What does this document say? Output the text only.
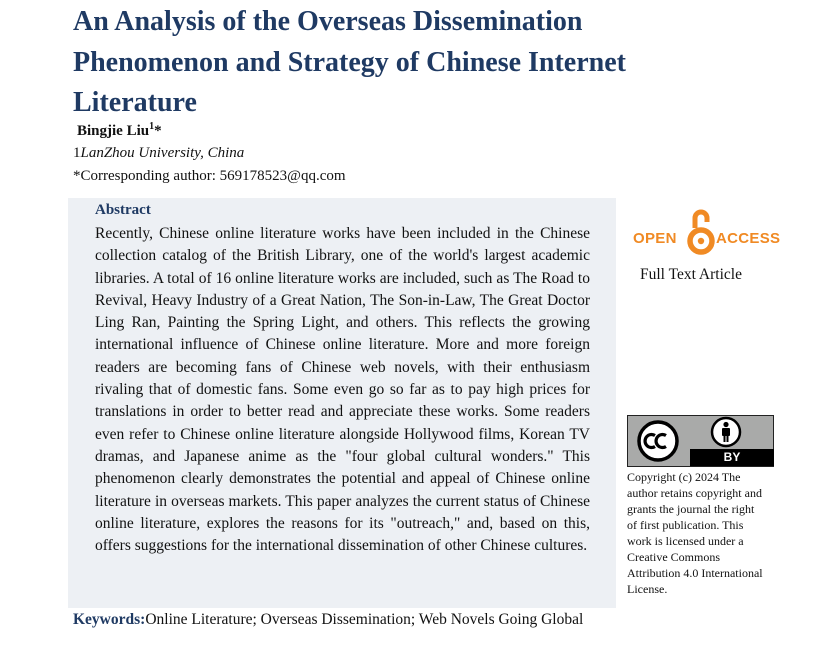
An Analysis of the Overseas Dissemination Phenomenon and Strategy of Chinese Internet Literature
Bingjie Liu$^1$*
1LanZhou University, China
*Corresponding author: 569178523@qq.com
Abstract
Recently, Chinese online literature works have been included in the Chinese collection catalog of the British Library, one of the world's largest academic libraries. A total of 16 online literature works are included, such as The Road to Revival, Heavy Industry of a Great Nation, The Son-in-Law, The Great Doctor Ling Ran, Painting the Spring Light, and others. This reflects the growing international influence of Chinese online literature. More and more foreign readers are becoming fans of Chinese web novels, with their enthusiasm rivaling that of domestic fans. Some even go so far as to pay high prices for translations in order to better read and appreciate these works. Some readers even refer to Chinese online literature alongside Hollywood films, Korean TV dramas, and Japanese anime as the "four global cultural wonders." This phenomenon clearly demonstrates the potential and appeal of Chinese online literature in overseas markets. This paper analyzes the current status of Chinese online literature, explores the reasons for its "outreach," and, based on this, offers suggestions for the international dissemination of other Chinese cultures.
OPEN	ACCESS
Full Text Article
BY
Copyright (c) 2024 The author retains copyright and grants the journal the right of first publication. This work is licensed under a Creative Commons Attribution 4.0 International License.
Keywords:Online Literature; Overseas Dissemination; Web Novels Going Global
